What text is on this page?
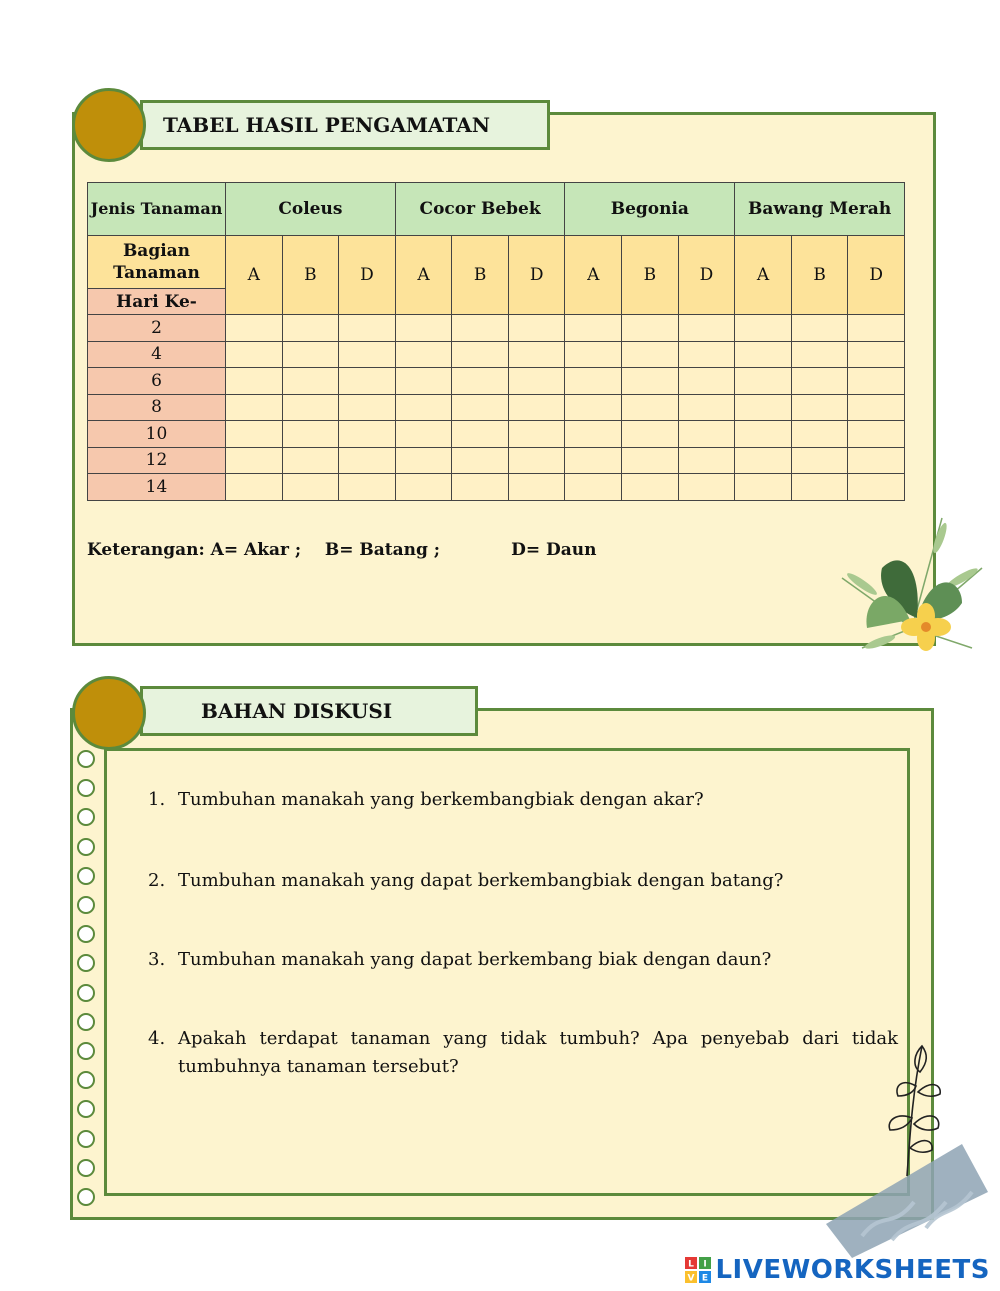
TABEL HASIL PENGAMATAN
Jenis Tanaman	Coleus			Cocor Bebek			Begonia			Bawang Merah		
Bagian Tanaman	A	B	D	A	B	D	A	B	D	A	B	D
Hari Ke-												
2												
4												
6												
8												
10												
12												
14												
Keterangan: A= Akar ;    B= Batang ;            D= Daun
BAHAN DISKUSI
1. Tumbuhan manakah yang berkembangbiak dengan akar?
2. Tumbuhan manakah yang dapat berkembangbiak dengan batang?
3. Tumbuhan manakah yang dapat berkembang biak dengan daun?
4. Apakah terdapat tanaman yang tidak tumbuh? Apa penyebab dari tidak tumbuhnya tanaman tersebut?
L I
V E LIVEWORKSHEETS
